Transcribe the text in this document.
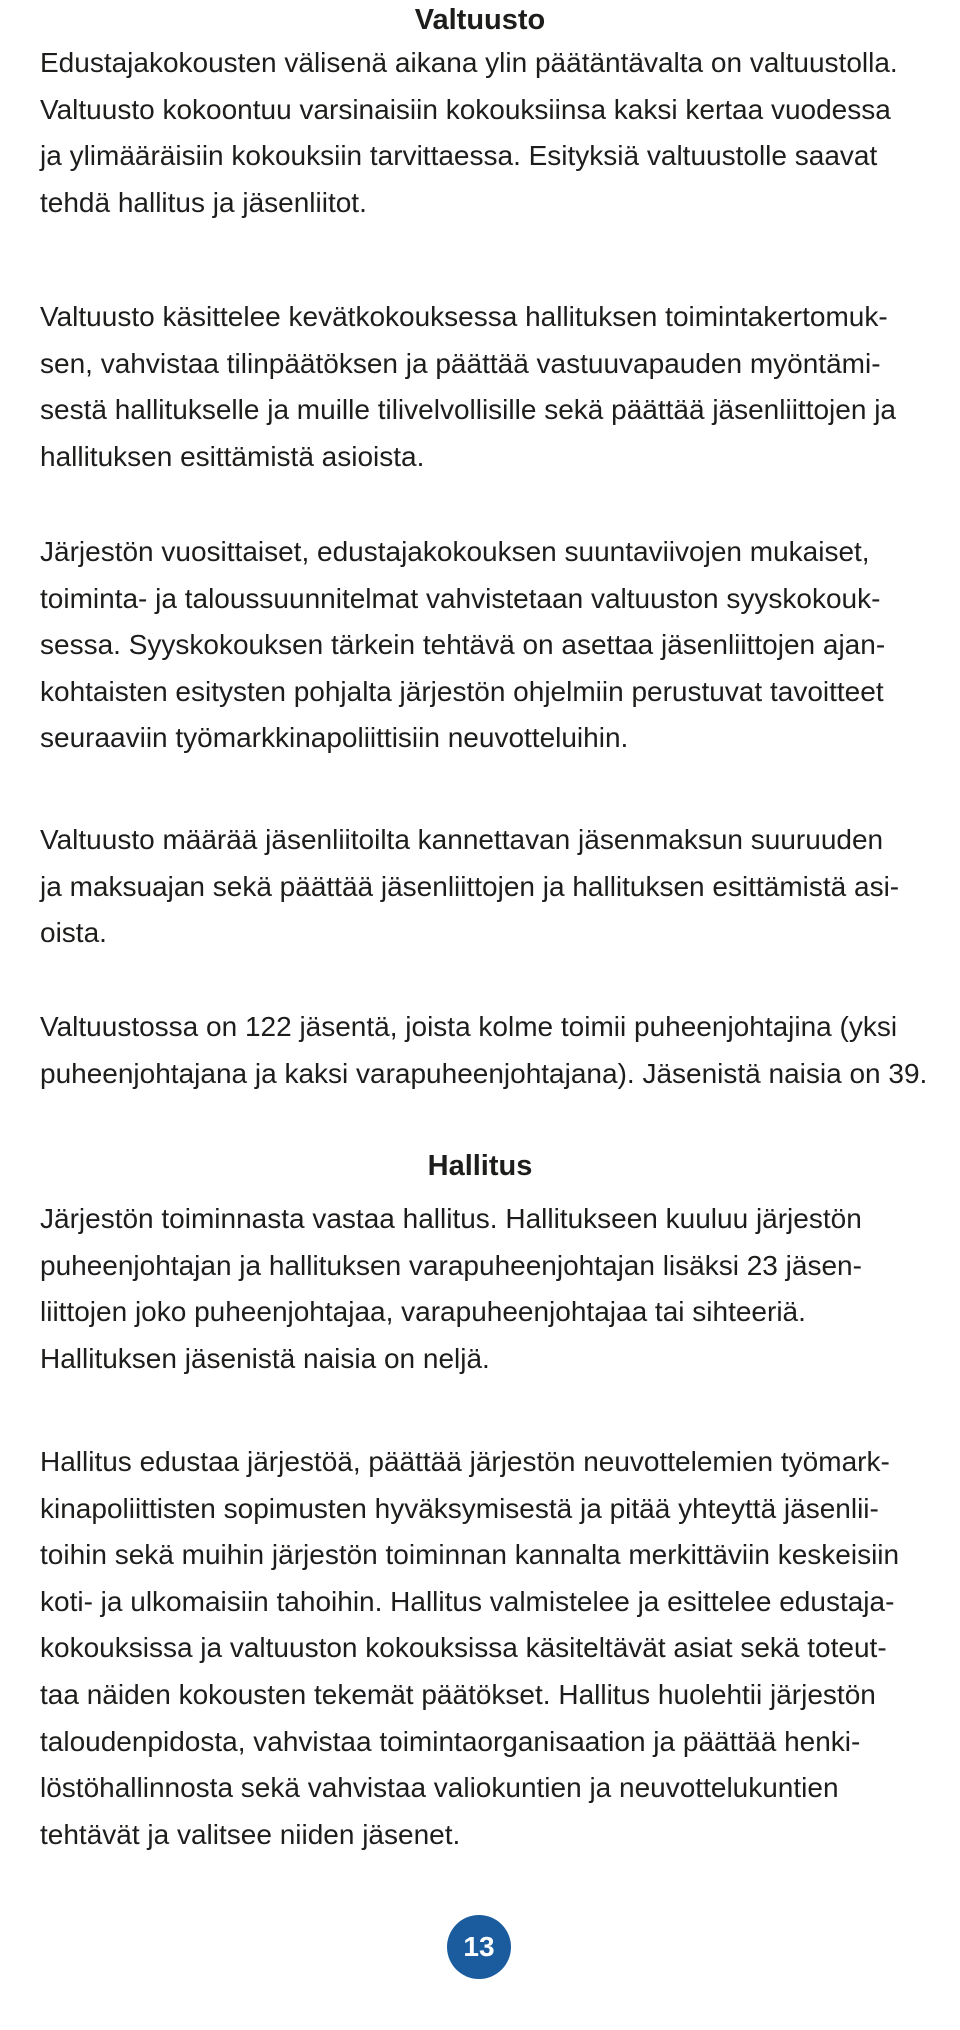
Valtuusto

Edustajakokousten välisenä aikana ylin päätäntävalta on valtuustolla.
Valtuusto kokoontuu varsinaisiin kokouksiinsa kaksi kertaa vuodessa
ja ylimääräisiin kokouksiin tarvittaessa. Esityksiä valtuustolle saavat
tehdä hallitus ja jäsenliitot.

Valtuusto käsittelee kevätkokouksessa hallituksen toimintakertomuk-
sen, vahvistaa tilinpäätöksen ja päättää vastuuvapauden myöntämi-
sestä hallitukselle ja muille tilivelvollisille sekä päättää jäsenliittojen ja
hallituksen esittämistä asioista.

Järjestön vuosittaiset, edustajakokouksen suuntaviivojen mukaiset,
toiminta- ja taloussuunnitelmat vahvistetaan valtuuston syyskokouk-
sessa. Syyskokouksen tärkein tehtävä on asettaa jäsenliittojen ajan-
kohtaisten esitysten pohjalta järjestön ohjelmiin perustuvat tavoitteet
seuraaviin työmarkkinapoliittisiin neuvotteluihin.

Valtuusto määrää jäsenliitoilta kannettavan jäsenmaksun suuruuden
ja maksuajan sekä päättää jäsenliittojen ja hallituksen esittämistä asi-
oista.

Valtuustossa on 122 jäsentä, joista kolme toimii puheenjohtajina (yksi
puheenjohtajana ja kaksi varapuheenjohtajana). Jäsenistä naisia on 39.

Hallitus

Järjestön toiminnasta vastaa hallitus. Hallitukseen kuuluu järjestön
puheenjohtajan ja hallituksen varapuheenjohtajan lisäksi 23 jäsen-
liittojen joko puheenjohtajaa, varapuheenjohtajaa tai sihteeriä.
Hallituksen jäsenistä naisia on neljä.

Hallitus edustaa järjestöä, päättää järjestön neuvottelemien työmark-
kinapoliittisten sopimusten hyväksymisestä ja pitää yhteyttä jäsenlii-
toihin sekä muihin järjestön toiminnan kannalta merkittäviin keskeisiin
koti- ja ulkomaisiin tahoihin. Hallitus valmistelee ja esittelee edustaja-
kokouksissa ja valtuuston kokouksissa käsiteltävät asiat sekä toteut-
taa näiden kokousten tekemät päätökset. Hallitus huolehtii järjestön
taloudenpidosta, vahvistaa toimintaorganisaation ja päättää henki-
löstöhallinnosta sekä vahvistaa valiokuntien ja neuvottelukuntien
tehtävät ja valitsee niiden jäsenet.

13
